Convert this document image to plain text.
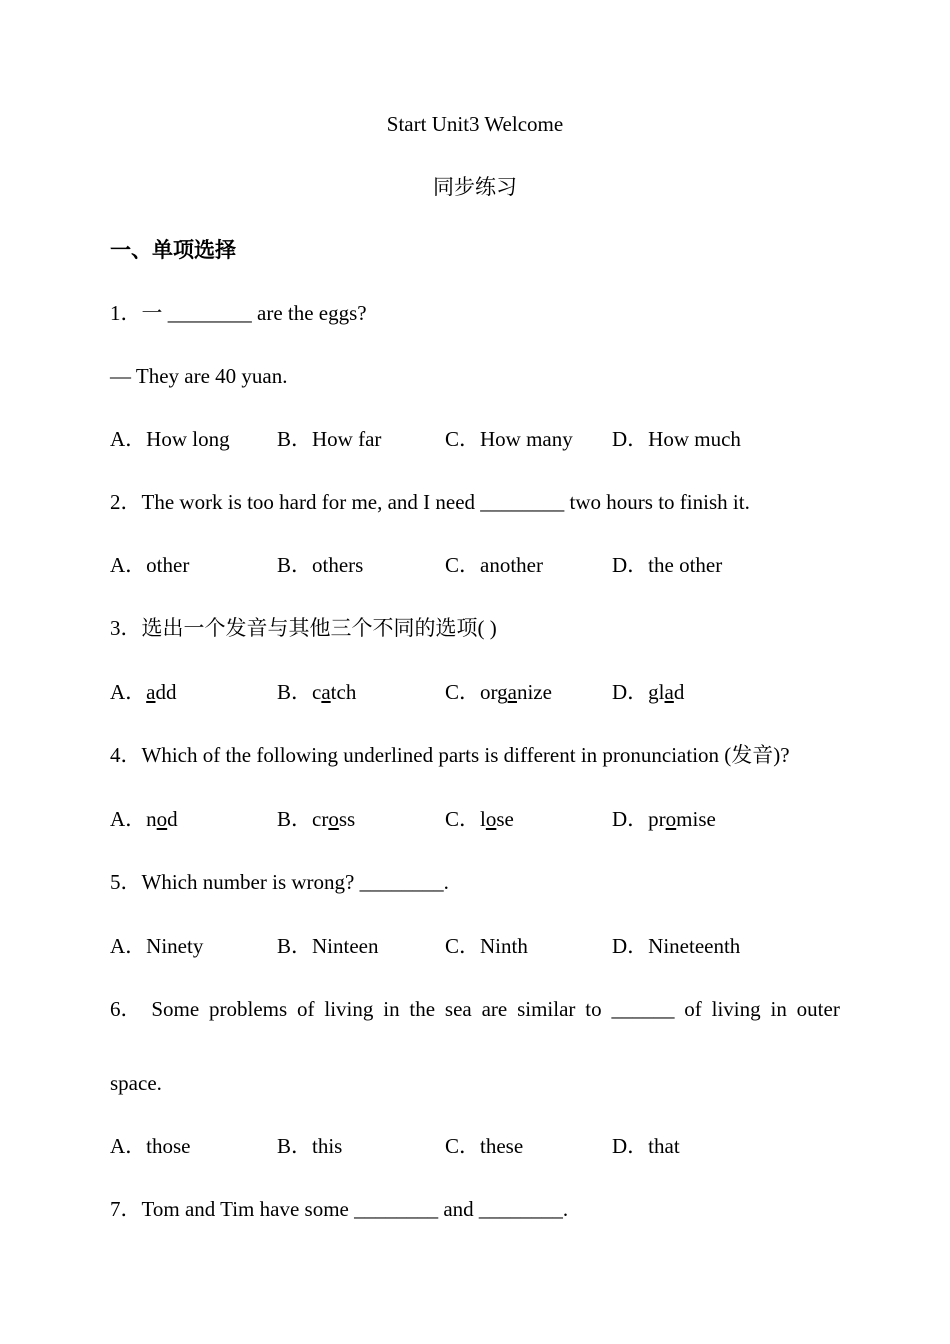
Start Unit3 Welcome
同步练习
一、单项选择
1．一 ________ are the eggs?
— They are 40 yuan.
A．How long B．How far	C．How many D．How much
2．The work is too hard for me, and I need ________ two hours to finish it.
A．other	B．others	C．another	D．the other
3．选出一个发音与其他三个不同的选项( )
A．add	B．catch	C．organize	D．glad
4．Which of the following underlined parts is different in pronunciation (发音)?
A．nod	B．cross	C．lose	D．promise
5．Which number is wrong? ________.
A．Ninety	B．Ninteen	C．Ninth	D．Nineteenth
6． Some problems of living in the sea are similar to ______ of living in outer
space.
A．those	B．this	C．these	D．that
7．Tom and Tim have some ________ and ________.
